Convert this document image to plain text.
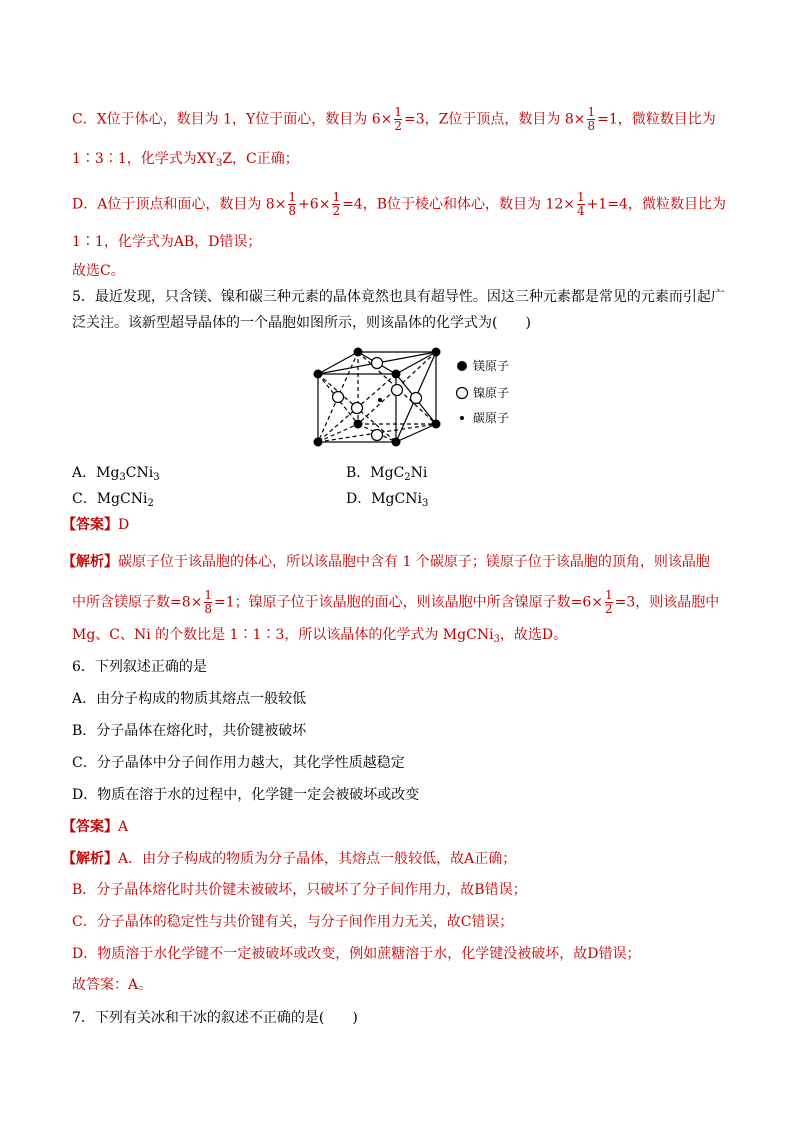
C．X位于体心，数目为 1，Y位于面心，数目为 $6\times \frac{1}{2} =3$，Z位于顶点，数目为 $8\times \frac{1}{8} =1$，微粒数目比为
1∶3∶1，化学式为$XY_3Z$，C正确；
D．A位于顶点和面心，数目为 $8\times \frac{1}{8} +6\times \frac{1}{2} =4$，B位于棱心和体心，数目为 $12\times \frac{1}{4} +1=4$，微粒数目比为
1∶1，化学式为AB，D错误；
故选C。
5．最近发现，只含镁、镍和碳三种元素的晶体竟然也具有超导性。因这三种元素都是常见的元素而引起广
泛关注。该新型超导晶体的一个晶胞如图所示，则该晶体的化学式为(　　)
镁原子
镍原子
碳原子
A．$Mg_3CNi_3$	B．MgC$_2$Ni
C．MgCNi$_2$	D．MgCNi$_3$
【答案】D
【解析】碳原子位于该晶胞的体心，所以该晶胞中含有 1 个碳原子；镁原子位于该晶胞的顶角，则该晶胞
中所含镁原子数$=8\times \frac{1}{8} =1$；镍原子位于该晶胞的面心，则该晶胞中所含镍原子数$=6\times \frac{1}{2} =3$，则该晶胞中
Mg、C、Ni 的个数比是 1∶1∶3，所以该晶体的化学式为 MgCNi$_3$，故选D。
6．下列叙述正确的是
A．由分子构成的物质其熔点一般较低
B．分子晶体在熔化时，共价键被破坏
C．分子晶体中分子间作用力越大，其化学性质越稳定
D．物质在溶于水的过程中，化学键一定会被破坏或改变
【答案】A
【解析】A．由分子构成的物质为分子晶体，其熔点一般较低，故A正确；
B．分子晶体熔化时共价键未被破坏，只破坏了分子间作用力，故B错误；
C．分子晶体的稳定性与共价键有关，与分子间作用力无关，故C错误；
D．物质溶于水化学键不一定被破坏或改变，例如蔗糖溶于水，化学键没被破坏，故D错误；
故答案：A。
7．下列有关冰和干冰的叙述不正确的是(　　)
